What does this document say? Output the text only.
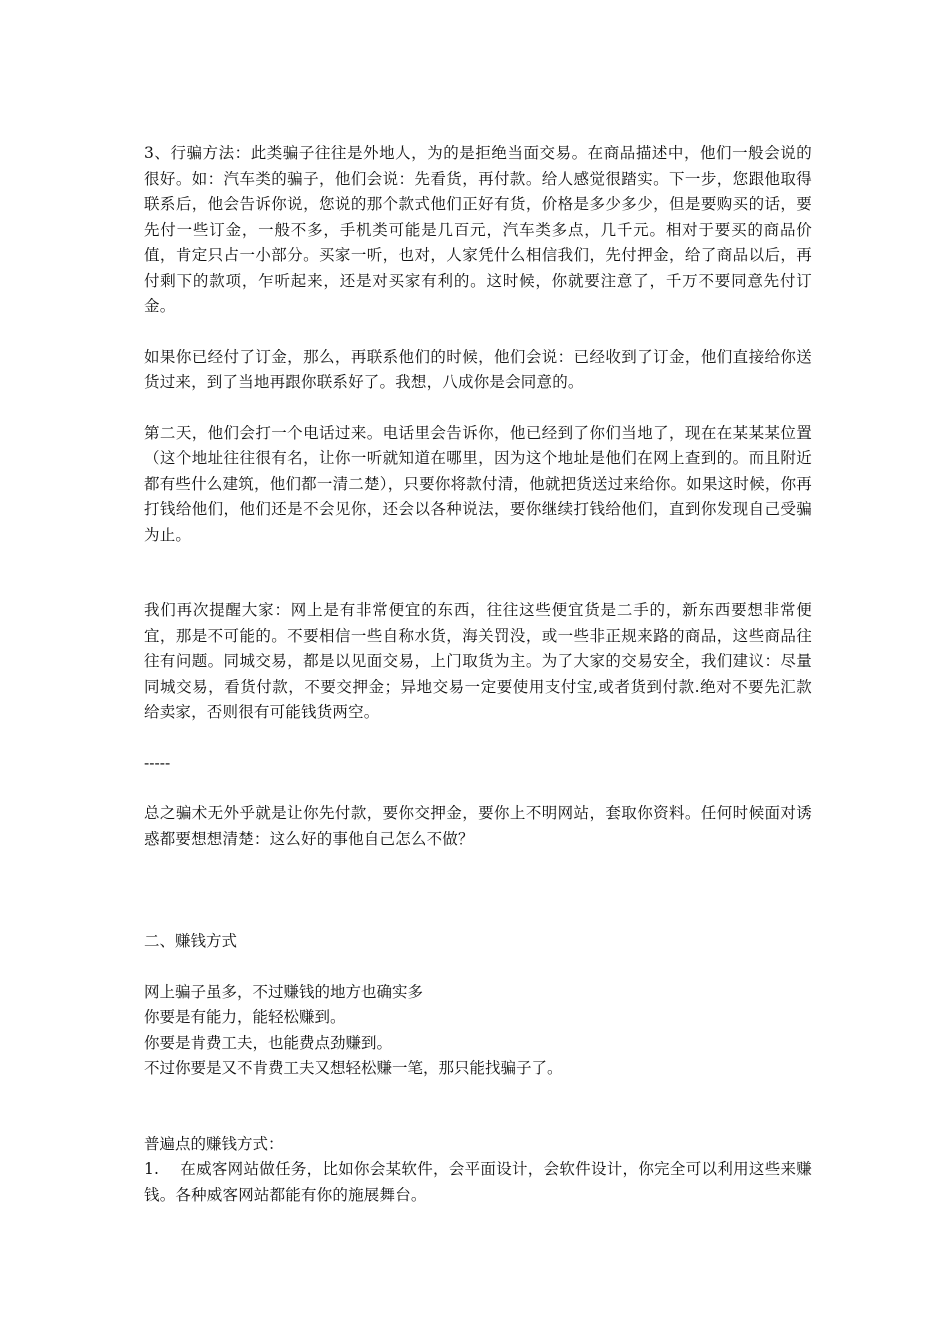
3、行骗方法：此类骗子往往是外地人，为的是拒绝当面交易。在商品描述中，他们一般会说的很好。如：汽车类的骗子，他们会说：先看货，再付款。给人感觉很踏实。下一步，您跟他取得联系后，他会告诉你说，您说的那个款式他们正好有货，价格是多少多少，但是要购买的话，要先付一些订金，一般不多，手机类可能是几百元，汽车类多点，几千元。相对于要买的商品价值，肯定只占一小部分。买家一听，也对，人家凭什么相信我们，先付押金，给了商品以后，再付剩下的款项，乍听起来，还是对买家有利的。这时候，你就要注意了，千万不要同意先付订金。

如果你已经付了订金，那么，再联系他们的时候，他们会说：已经收到了订金，他们直接给你送货过来，到了当地再跟你联系好了。我想，八成你是会同意的。

第二天，他们会打一个电话过来。电话里会告诉你，他已经到了你们当地了，现在在某某某位置（这个地址往往很有名，让你一听就知道在哪里，因为这个地址是他们在网上查到的。而且附近都有些什么建筑，他们都一清二楚），只要你将款付清，他就把货送过来给你。如果这时候，你再打钱给他们，他们还是不会见你，还会以各种说法，要你继续打钱给他们，直到你发现自己受骗为止。

我们再次提醒大家：网上是有非常便宜的东西，往往这些便宜货是二手的，新东西要想非常便宜，那是不可能的。不要相信一些自称水货，海关罚没，或一些非正规来路的商品，这些商品往往有问题。同城交易，都是以见面交易，上门取货为主。为了大家的交易安全，我们建议：尽量同城交易，看货付款，不要交押金；异地交易一定要使用支付宝,或者货到付款.绝对不要先汇款给卖家，否则很有可能钱货两空。

-----

总之骗术无外乎就是让你先付款，要你交押金，要你上不明网站，套取你资料。任何时候面对诱惑都要想想清楚：这么好的事他自己怎么不做？

二、赚钱方式

网上骗子虽多，不过赚钱的地方也确实多

你要是有能力，能轻松赚到。

你要是肯费工夫，也能费点劲赚到。

不过你要是又不肯费工夫又想轻松赚一笔，那只能找骗子了。

普遍点的赚钱方式：

1.　 在威客网站做任务，比如你会某软件，会平面设计，会软件设计，你完全可以利用这些来赚钱。各种威客网站都能有你的施展舞台。
